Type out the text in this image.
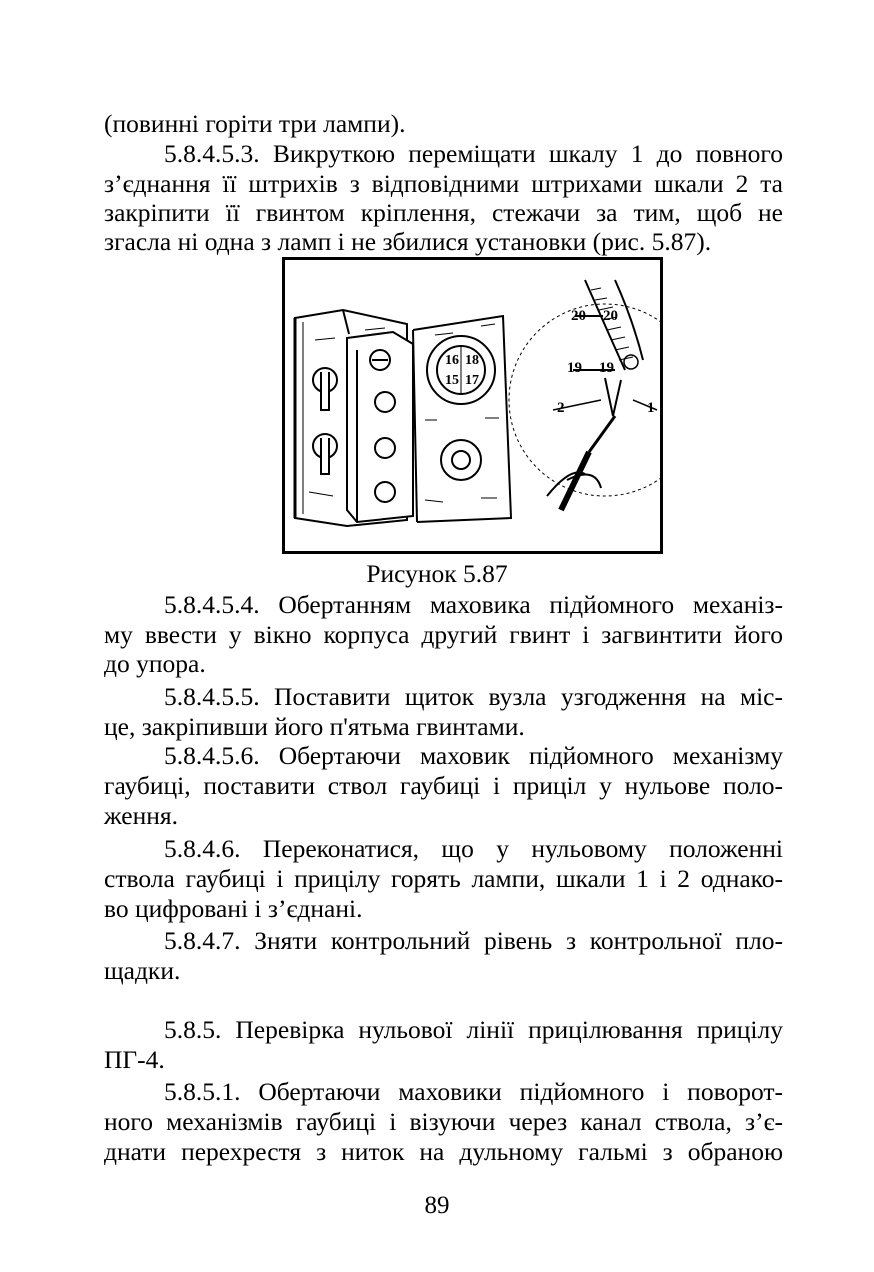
(повинні горіти три лампи).
5.8.4.5.3. Викруткою переміщати шкалу 1 до повного
з’єднання її штрихів з відповідними штрихами шкали 2 та
закріпити її гвинтом кріплення, стежачи за тим, щоб не
згасла ні одна з ламп і не збилися установки (рис. 5.87).
16 18
15 17
20 20
19 19
2	1
Рисунок 5.87
5.8.4.5.4. Обертанням маховика підйомного механіз-
му ввести у вікно корпуса другий гвинт і загвинтити його
до упора.
5.8.4.5.5. Поставити щиток вузла узгодження на міс-
це, закріпивши його п'ятьма гвинтами.
5.8.4.5.6. Обертаючи маховик підйомного механізму
гаубиці, поставити ствол гаубиці і приціл у нульове поло-
ження.
5.8.4.6. Переконатися, що у нульовому положенні
ствола гаубиці і прицілу горять лампи, шкали 1 і 2 однако-
во цифровані і з’єднані.
5.8.4.7. Зняти контрольний рівень з контрольної пло-
щадки.
5.8.5. Перевірка нульової лінії прицілювання прицілу
ПГ-4.
5.8.5.1. Обертаючи маховики підйомного і поворот-
ного механізмів гаубиці і візуючи через канал ствола, з’є-
днати перехрестя з ниток на дульному гальмі з обраною
89
